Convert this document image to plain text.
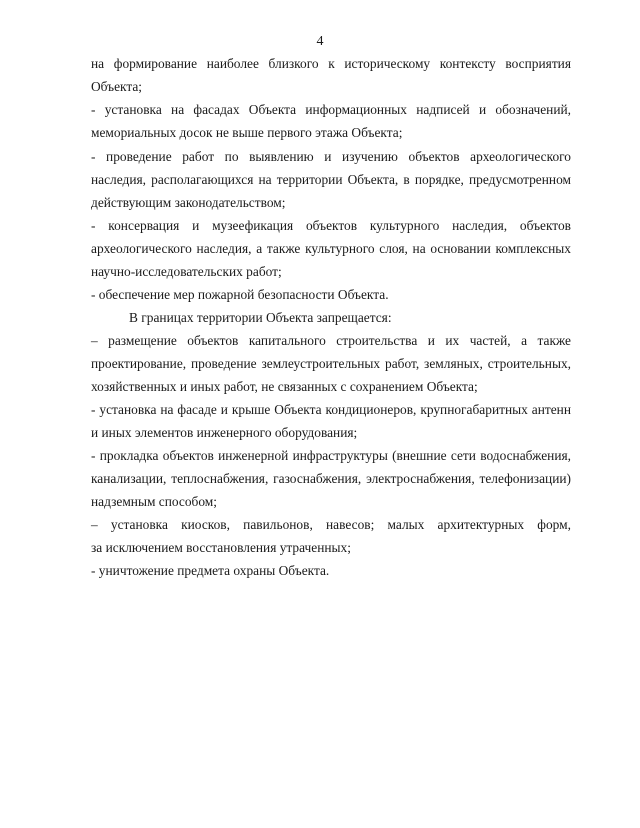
4
на формирование наиболее близкого к историческому контексту восприятия
Объекта;
- установка на фасадах Объекта информационных надписей и обозначений,
мемориальных досок не выше первого этажа Объекта;
- проведение работ по выявлению и изучению объектов археологического
наследия, располагающихся на территории Объекта, в порядке, предусмотренном
действующим законодательством;
- консервация и музеефикация объектов культурного наследия, объектов
археологического наследия, а также культурного слоя, на основании комплексных
научно-исследовательских работ;
- обеспечение мер пожарной безопасности Объекта.
В границах территории Объекта запрещается:
– размещение объектов капитального строительства и их частей, а также
проектирование, проведение землеустроительных работ, земляных, строительных,
хозяйственных и иных работ, не связанных с сохранением Объекта;
- установка на фасаде и крыше Объекта кондиционеров, крупногабаритных антенн
и иных элементов инженерного оборудования;
- прокладка объектов инженерной инфраструктуры (внешние сети водоснабжения,
канализации, теплоснабжения, газоснабжения, электроснабжения, телефонизации)
надземным способом;
– установка киосков, павильонов, навесов; малых архитектурных форм,
за исключением восстановления утраченных;
- уничтожение предмета охраны Объекта.
